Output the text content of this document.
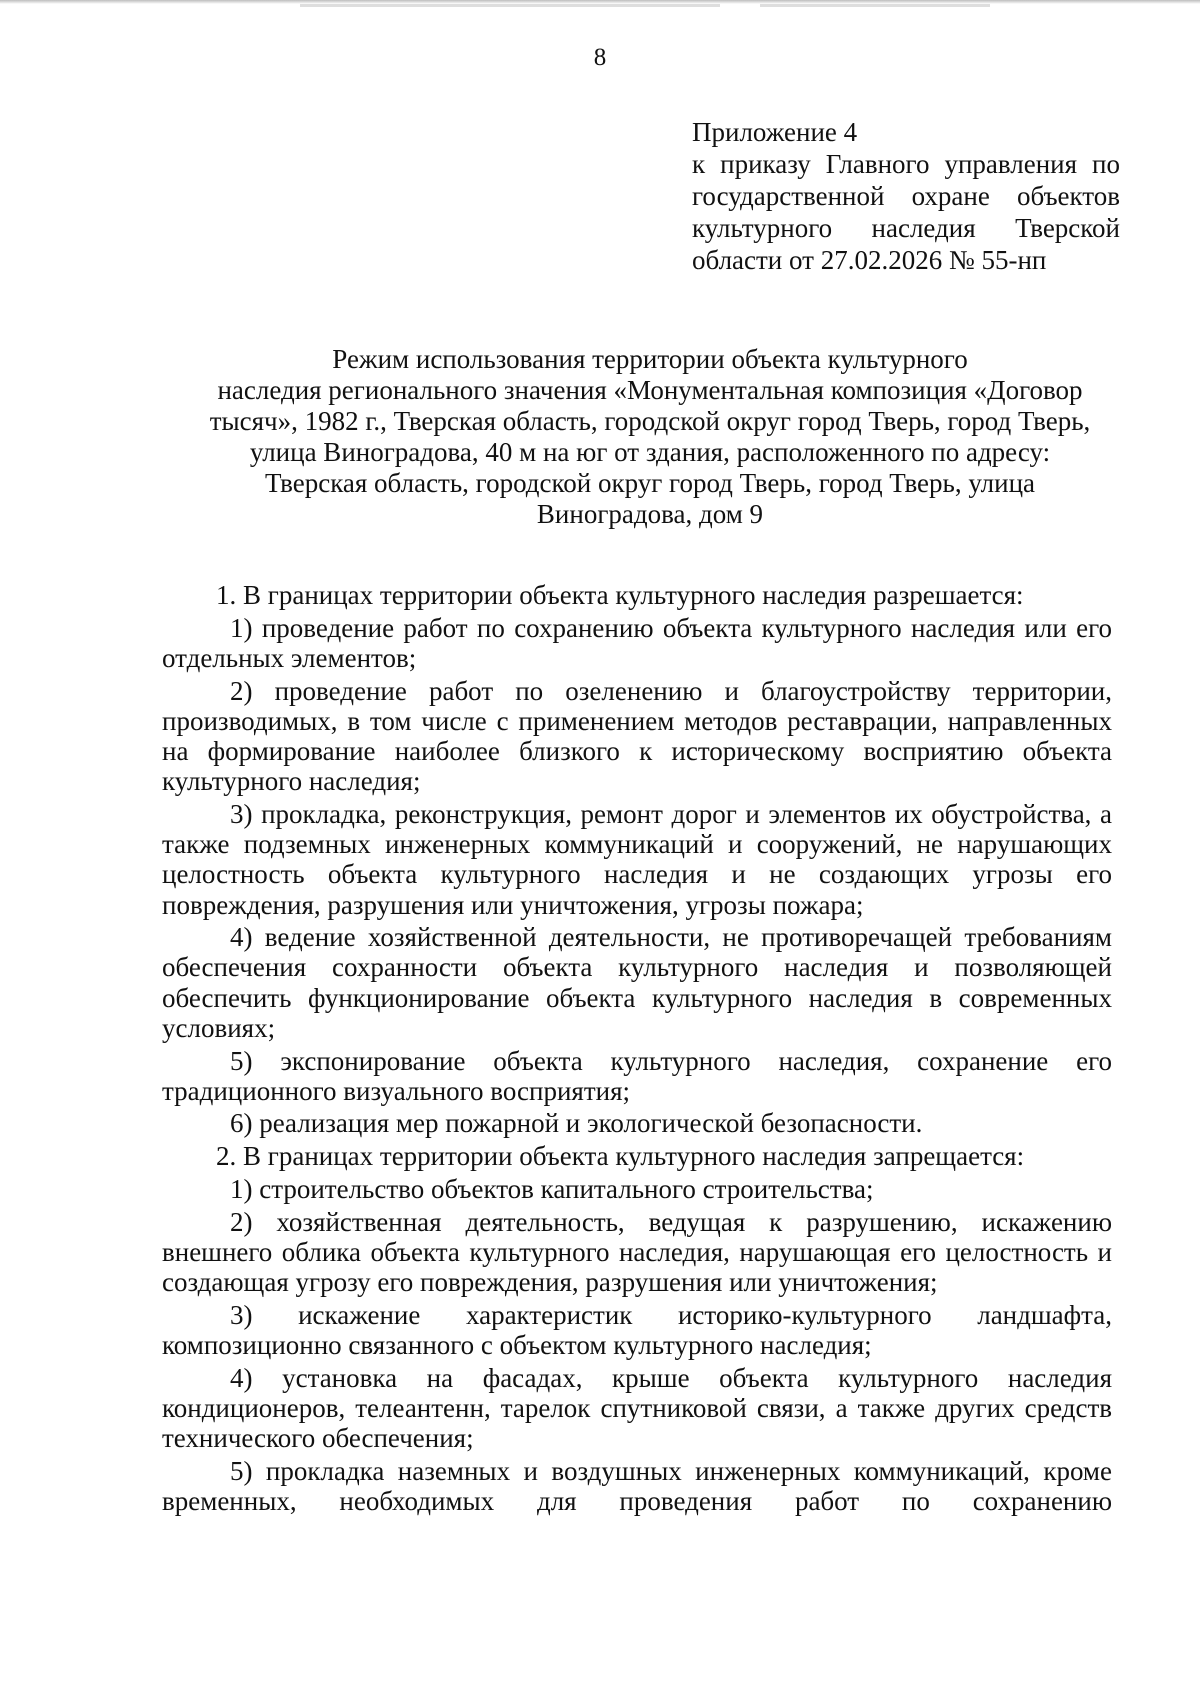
8
Приложение 4
к приказу Главного управления по
государственной охране объектов
культурного наследия Тверской
области от 27.02.2026 № 55-нп
Режим использования территории объекта культурного
наследия регионального значения «Монументальная композиция «Договор
тысяч», 1982 г., Тверская область, городской округ город Тверь, город Тверь,
улица Виноградова, 40 м на юг от здания, расположенного по адресу:
Тверская область, городской округ город Тверь, город Тверь, улица
Виноградова, дом 9

1. В границах территории объекта культурного наследия разрешается:

1) проведение работ по сохранению объекта культурного наследия или его отдельных элементов;

2) проведение работ по озеленению и благоустройству территории, производимых, в том числе с применением методов реставрации, направленных на формирование наиболее близкого к историческому восприятию объекта культурного наследия;

3) прокладка, реконструкция, ремонт дорог и элементов их обустройства, а также подземных инженерных коммуникаций и сооружений, не нарушающих целостность объекта культурного наследия и не создающих угрозы его повреждения, разрушения или уничтожения, угрозы пожара;

4) ведение хозяйственной деятельности, не противоречащей требованиям обеспечения сохранности объекта культурного наследия и позволяющей обеспечить функционирование объекта культурного наследия в современных условиях;

5) экспонирование объекта культурного наследия, сохранение его традиционного визуального восприятия;

6) реализация мер пожарной и экологической безопасности.

2. В границах территории объекта культурного наследия запрещается:

1) строительство объектов капитального строительства;

2) хозяйственная деятельность, ведущая к разрушению, искажению внешнего облика объекта культурного наследия, нарушающая его целостность и создающая угрозу его повреждения, разрушения или уничтожения;

3) искажение характеристик историко-культурного ландшафта, композиционно связанного с объектом культурного наследия;

4) установка на фасадах, крыше объекта культурного наследия кондиционеров, телеантенн, тарелок спутниковой связи, а также других средств технического обеспечения;

5) прокладка наземных и воздушных инженерных коммуникаций, кроме временных, необходимых для проведения работ по сохранению
